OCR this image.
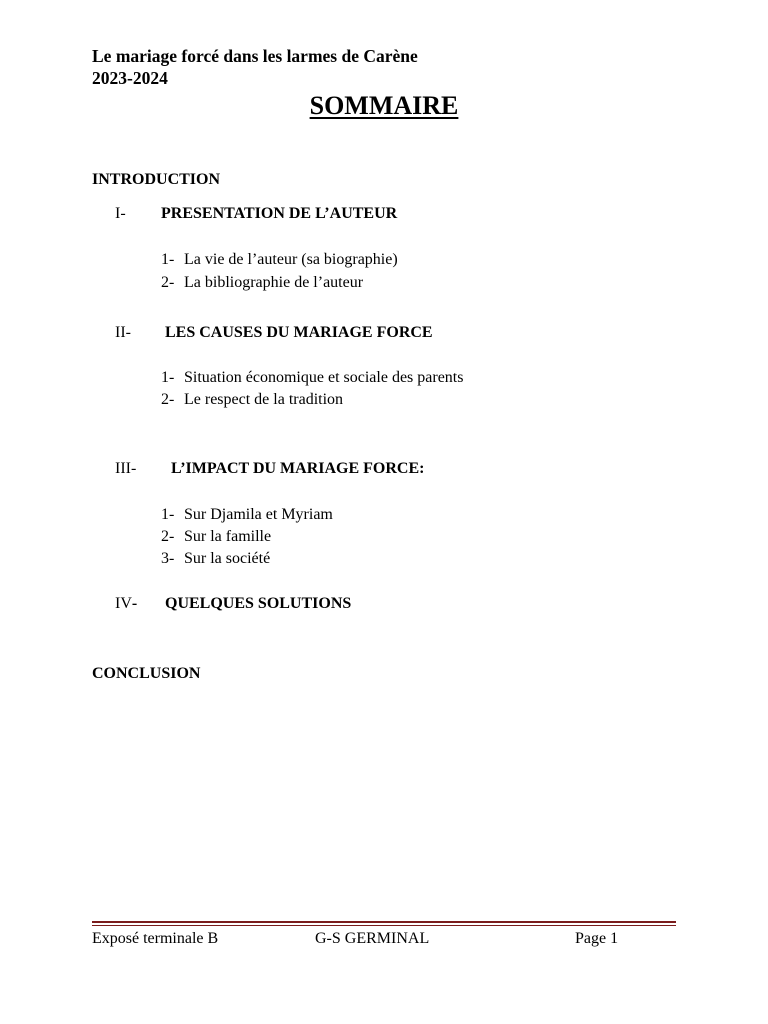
Le mariage forcé dans les larmes de Carène
2023-2024
SOMMAIRE
INTRODUCTION
I- PRESENTATION DE L’AUTEUR
1- La vie de l’auteur (sa biographie)
2- La bibliographie de l’auteur
II- LES CAUSES DU MARIAGE FORCE
1- Situation économique et sociale des parents
2- Le respect de la tradition
III- L’IMPACT DU MARIAGE FORCE:
1- Sur Djamila et Myriam
2- Sur la famille
3- Sur la société
IV- QUELQUES SOLUTIONS
CONCLUSION
Exposé terminale B	G-S GERMINAL	Page 1
